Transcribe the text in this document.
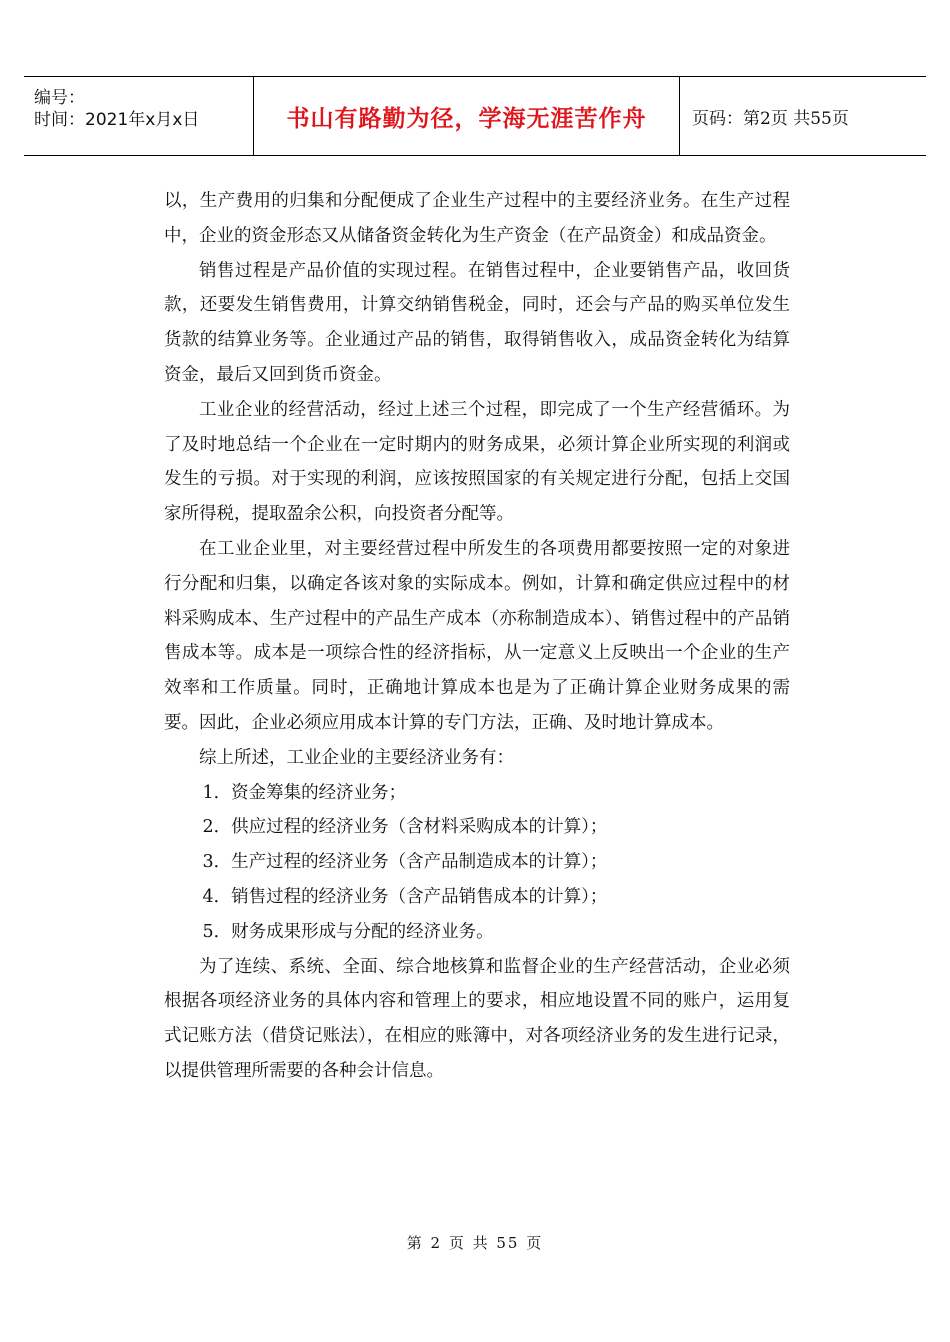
编号：
时间：2021年x月x日	书山有路勤为径，学海无涯苦作舟	页码：第2页 共55页

以，生产费用的归集和分配便成了企业生产过程中的主要经济业务。在生产过程中，企业的资金形态又从储备资金转化为生产资金（在产品资金）和成品资金。

销售过程是产品价值的实现过程。在销售过程中，企业要销售产品，收回货款，还要发生销售费用，计算交纳销售税金，同时，还会与产品的购买单位发生货款的结算业务等。企业通过产品的销售，取得销售收入，成品资金转化为结算资金，最后又回到货币资金。

工业企业的经营活动，经过上述三个过程，即完成了一个生产经营循环。为了及时地总结一个企业在一定时期内的财务成果，必须计算企业所实现的利润或发生的亏损。对于实现的利润，应该按照国家的有关规定进行分配，包括上交国家所得税，提取盈余公积，向投资者分配等。

在工业企业里，对主要经营过程中所发生的各项费用都要按照一定的对象进行分配和归集，以确定各该对象的实际成本。例如，计算和确定供应过程中的材料采购成本、生产过程中的产品生产成本（亦称制造成本）、销售过程中的产品销售成本等。成本是一项综合性的经济指标，从一定意义上反映出一个企业的生产效率和工作质量。同时，正确地计算成本也是为了正确计算企业财务成果的需要。因此，企业必须应用成本计算的专门方法，正确、及时地计算成本。

综上所述，工业企业的主要经济业务有：

1．资金筹集的经济业务；

2．供应过程的经济业务（含材料采购成本的计算）；

3．生产过程的经济业务（含产品制造成本的计算）；

4．销售过程的经济业务（含产品销售成本的计算）；

5．财务成果形成与分配的经济业务。

为了连续、系统、全面、综合地核算和监督企业的生产经营活动，企业必须根据各项经济业务的具体内容和管理上的要求，相应地设置不同的账户，运用复式记账方法（借贷记账法），在相应的账簿中，对各项经济业务的发生进行记录，以提供管理所需要的各种会计信息。

第 2 页 共 55 页
